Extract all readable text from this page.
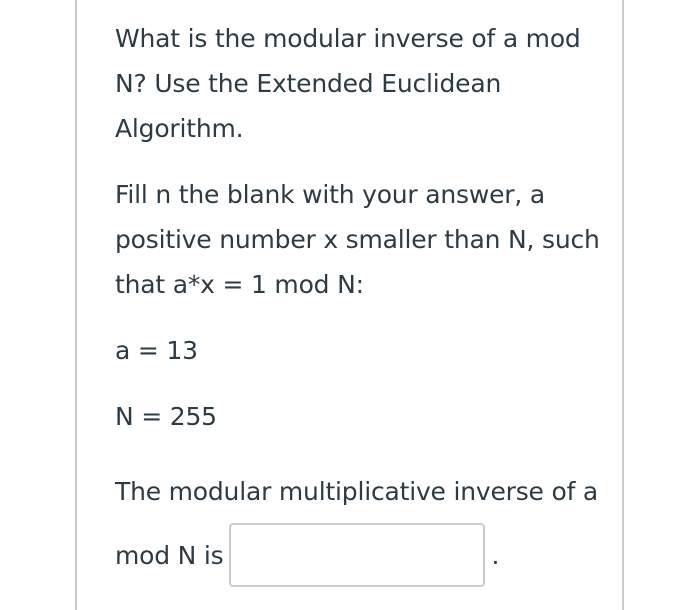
What is the modular inverse of a mod N? Use the Extended Euclidean Algorithm.

Fill n the blank with your answer, a positive number x smaller than N, such that a*x = 1 mod N:

a = 13

N = 255

The modular multiplicative inverse of a mod N is	.
